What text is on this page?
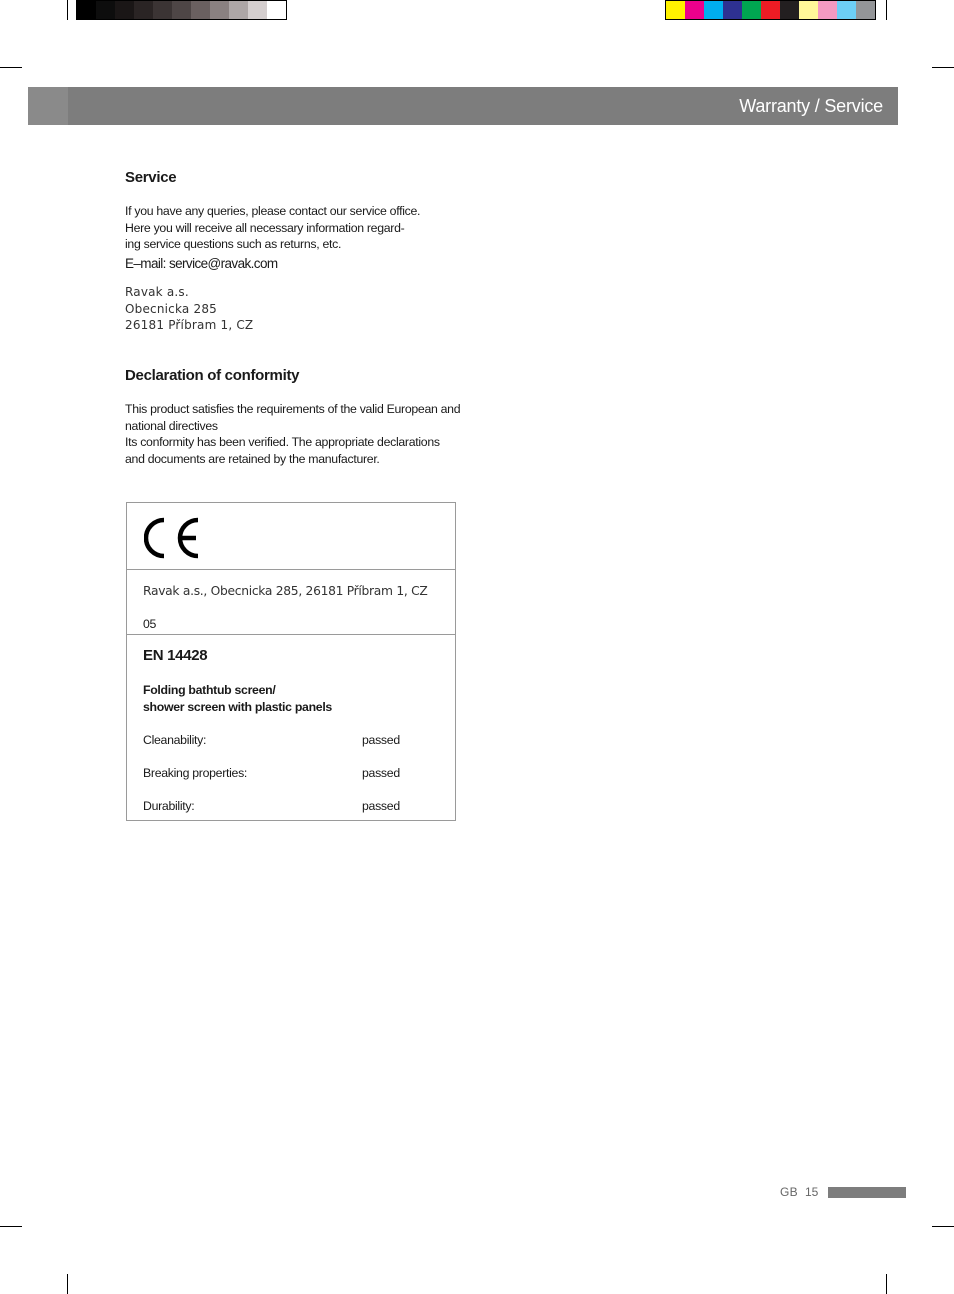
Warranty / Service
Service
If you have any queries, please contact our service office.
Here you will receive all necessary information regard-
ing service questions such as returns, etc.
E–mail: service@ravak.com
Ravak a.s.
Obecnicka 285
26181 Příbram 1, CZ
Declaration of conformity
This product satisfies the requirements of the valid European and
national directives
Its conformity has been verified. The appropriate declarations
and documents are retained by the manufacturer.
Ravak a.s., Obecnicka 285, 26181 Příbram 1, CZ
05
EN 14428
Folding bathtub screen/
shower screen with plastic panels
Cleanability:	passed
Breaking properties:	passed
Durability:	passed
GB 15
